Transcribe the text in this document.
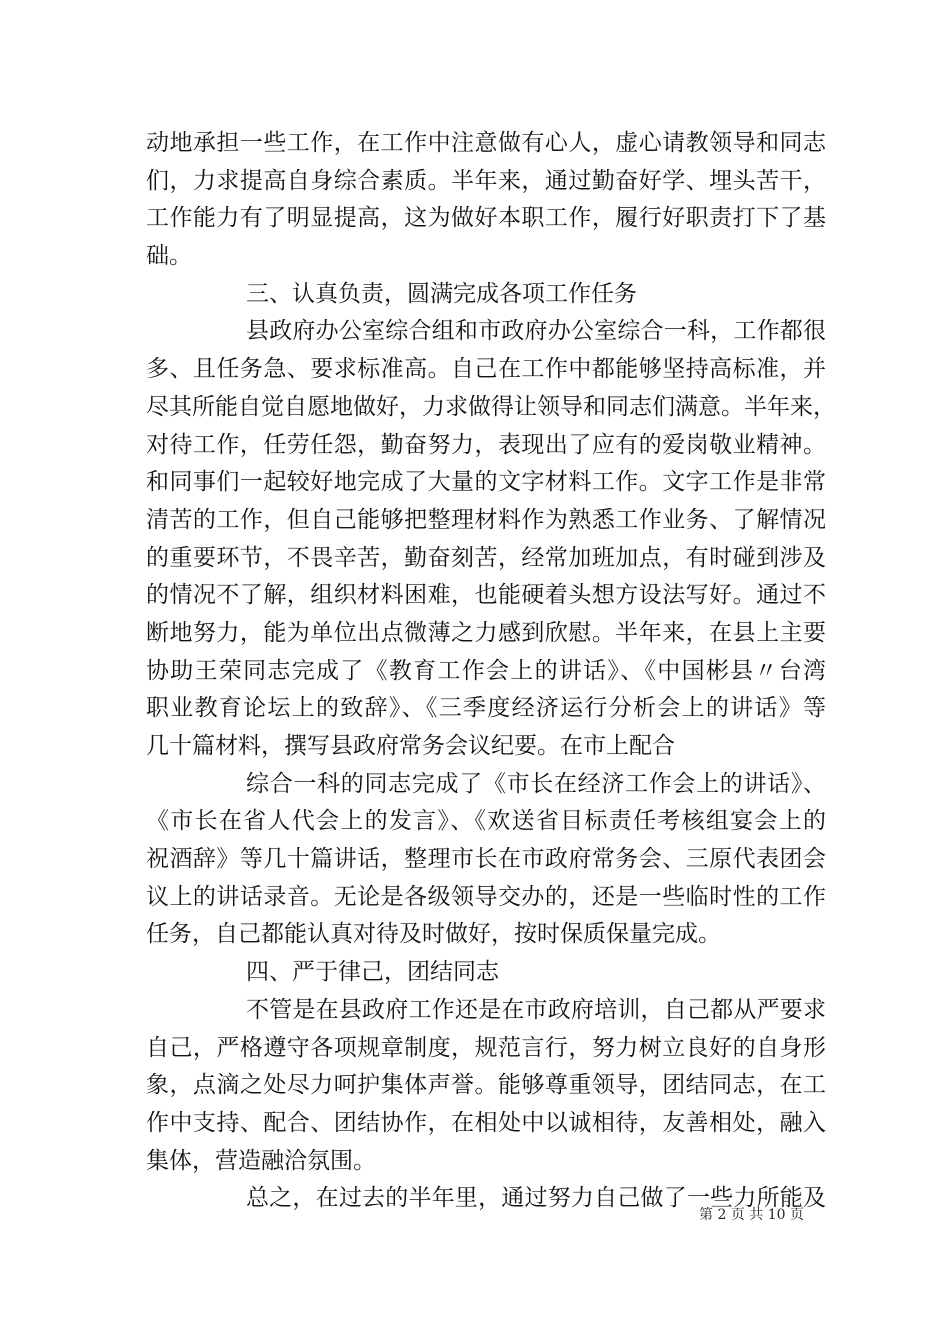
动地承担一些工作，在工作中注意做有心人，虚心请教领导和同志
们，力求提高自身综合素质。半年来，通过勤奋好学、埋头苦干，
工作能力有了明显提高，这为做好本职工作，履行好职责打下了基
础。
三、认真负责，圆满完成各项工作任务
县政府办公室综合组和市政府办公室综合一科，工作都很
多、且任务急、要求标准高。自己在工作中都能够坚持高标准，并
尽其所能自觉自愿地做好，力求做得让领导和同志们满意。半年来，
对待工作，任劳任怨，勤奋努力，表现出了应有的爱岗敬业精神。
和同事们一起较好地完成了大量的文字材料工作。文字工作是非常
清苦的工作，但自己能够把整理材料作为熟悉工作业务、了解情况
的重要环节，不畏辛苦，勤奋刻苦，经常加班加点，有时碰到涉及
的情况不了解，组织材料困难，也能硬着头想方设法写好。通过不
断地努力，能为单位出点微薄之力感到欣慰。半年来，在县上主要
协助王荣同志完成了《教育工作会上的讲话》、《中国彬县〃台湾
职业教育论坛上的致辞》、《三季度经济运行分析会上的讲话》等
几十篇材料，撰写县政府常务会议纪要。在市上配合
综合一科的同志完成了《市长在经济工作会上的讲话》、
《市长在省人代会上的发言》、《欢送省目标责任考核组宴会上的
祝酒辞》等几十篇讲话，整理市长在市政府常务会、三原代表团会
议上的讲话录音。无论是各级领导交办的，还是一些临时性的工作
任务，自己都能认真对待及时做好，按时保质保量完成。
四、严于律己，团结同志
不管是在县政府工作还是在市政府培训，自己都从严要求
自己，严格遵守各项规章制度，规范言行，努力树立良好的自身形
象，点滴之处尽力呵护集体声誉。能够尊重领导，团结同志，在工
作中支持、配合、团结协作，在相处中以诚相待，友善相处，融入
集体，营造融洽氛围。
总之，在过去的半年里，通过努力自己做了一些力所能及
第 2 页 共 10 页
